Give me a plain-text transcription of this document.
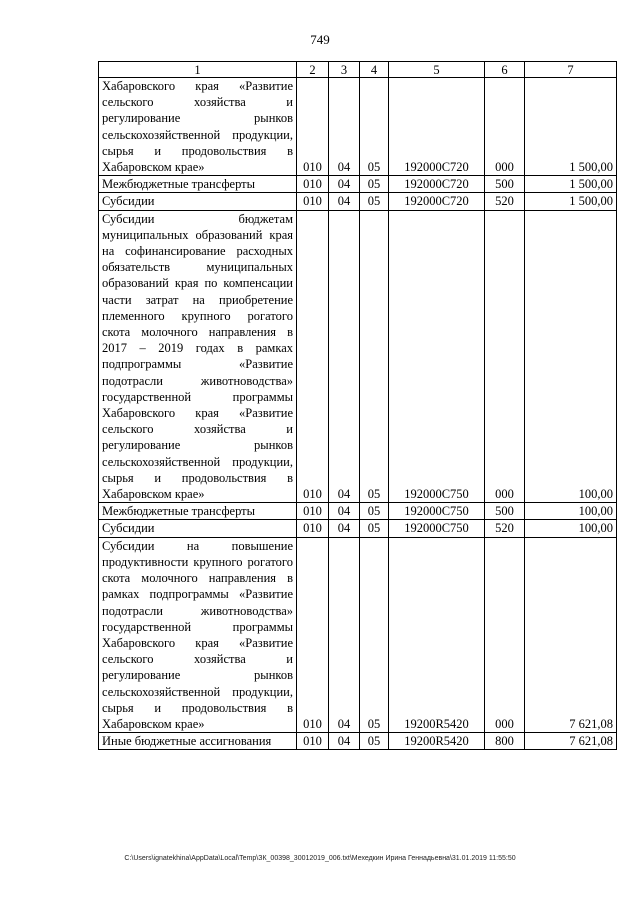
749
1	2	3	4	5	6	7
Хабаровского края «Развитие сельского хозяйства и регулирование рынков сельскохозяйственной продукции, сырья и продовольствия в Хабаровском крае»	010	04	05	192000С720	000	1 500,00
Межбюджетные трансферты	010	04	05	192000С720	500	1 500,00
Субсидии	010	04	05	192000С720	520	1 500,00
Субсидии бюджетам муниципальных образований края на софинансирование расходных обязательств муниципальных образований края по компенсации части затрат на приобретение племенного крупного рогатого скота молочного направления в 2017 – 2019 годах в рамках подпрограммы «Развитие подотрасли животноводства» государственной программы Хабаровского края «Развитие сельского хозяйства и регулирование рынков сельскохозяйственной продукции, сырья и продовольствия в Хабаровском крае»	010	04	05	192000С750	000	100,00
Межбюджетные трансферты	010	04	05	192000С750	500	100,00
Субсидии	010	04	05	192000С750	520	100,00
Субсидии на повышение продуктивности крупного рогатого скота молочного направления в рамках подпрограммы «Развитие подотрасли животноводства» государственной программы Хабаровского края «Развитие сельского хозяйства и регулирование рынков сельскохозяйственной продукции, сырья и продовольствия в Хабаровском крае»	010	04	05	19200R5420	000	7 621,08
Иные бюджетные ассигнования	010	04	05	19200R5420	800	7 621,08
C:\Users\ignatekhina\AppData\Local\Temp\ЗК_00398_30012019_006.txt\Мехедкин Ирина Геннадьевна\31.01.2019 11:55:50
